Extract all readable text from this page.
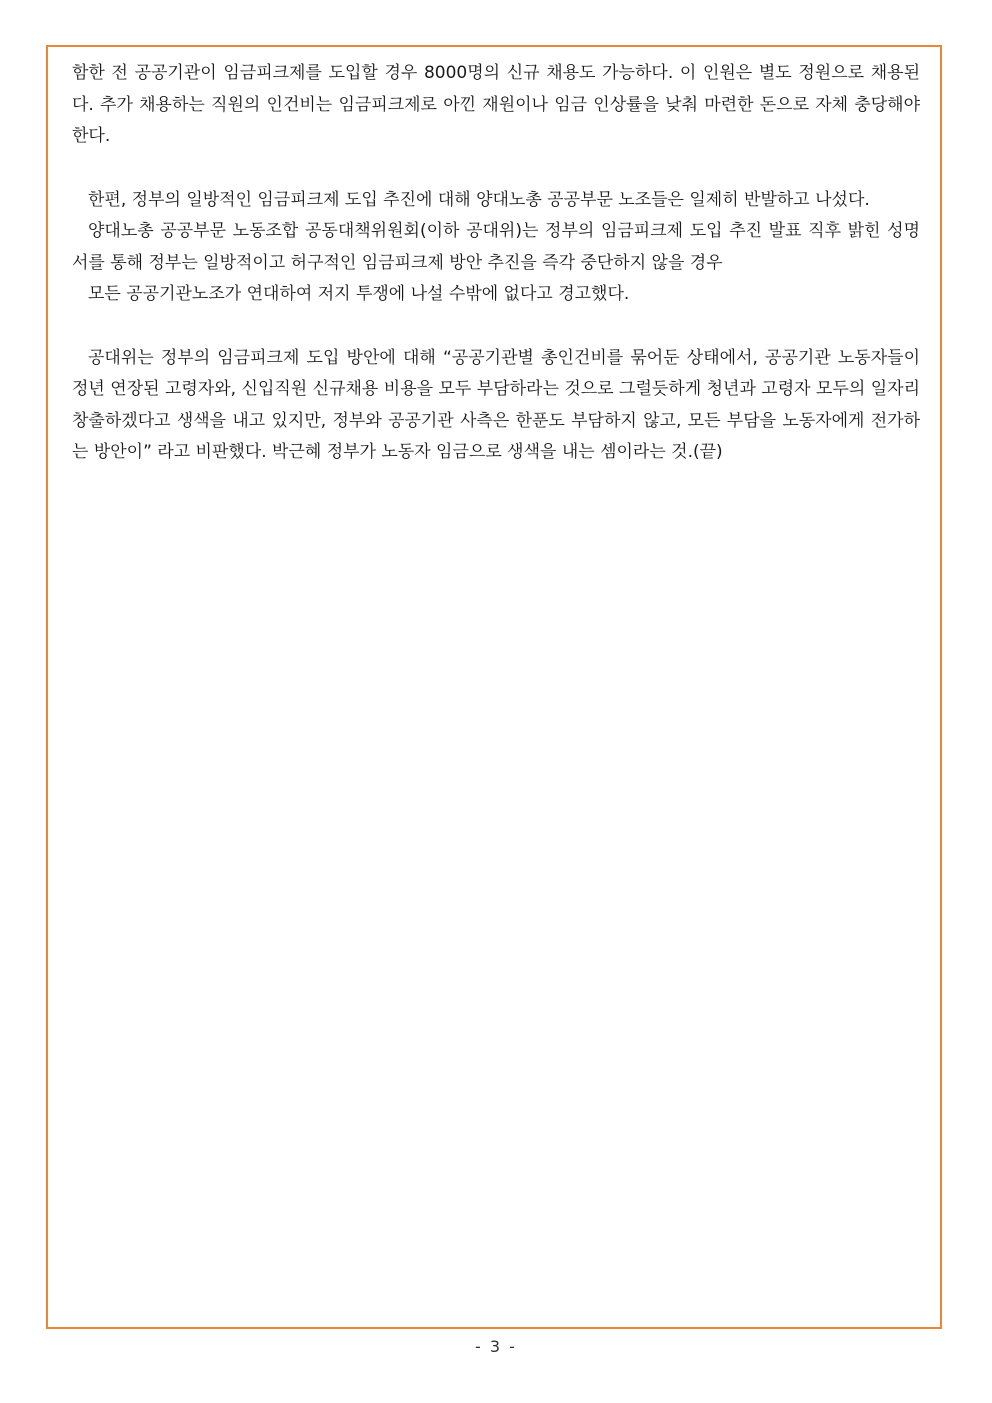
함한 전 공공기관이 임금피크제를 도입할 경우 8000명의 신규 채용도 가능하다. 이 인원은 별도 정원으로 채용된다. 추가 채용하는 직원의 인건비는 임금피크제로 아낀 재원이나 임금 인상률을 낮춰 마련한 돈으로 자체 충당해야 한다.

한편, 정부의 일방적인 임금피크제 도입 추진에 대해 양대노총 공공부문 노조들은 일제히 반발하고 나섰다.

양대노총 공공부문 노동조합 공동대책위원회(이하 공대위)는 정부의 임금피크제 도입 추진 발표 직후 밝힌 성명서를 통해 정부는 일방적이고 허구적인 임금피크제 방안 추진을 즉각 중단하지 않을 경우

모든 공공기관노조가 연대하여 저지 투쟁에 나설 수밖에 없다고 경고했다.

공대위는 정부의 임금피크제 도입 방안에 대해 “공공기관별 총인건비를 묶어둔 상태에서, 공공기관 노동자들이 정년 연장된 고령자와, 신입직원 신규채용 비용을 모두 부담하라는 것으로 그럴듯하게 청년과 고령자 모두의 일자리 창출하겠다고 생색을 내고 있지만, 정부와 공공기관 사측은 한푼도 부담하지 않고, 모든 부담을 노동자에게 전가하는 방안이” 라고 비판했다. 박근혜 정부가 노동자 임금으로 생색을 내는 셈이라는 것.(끝)

- 3 -
